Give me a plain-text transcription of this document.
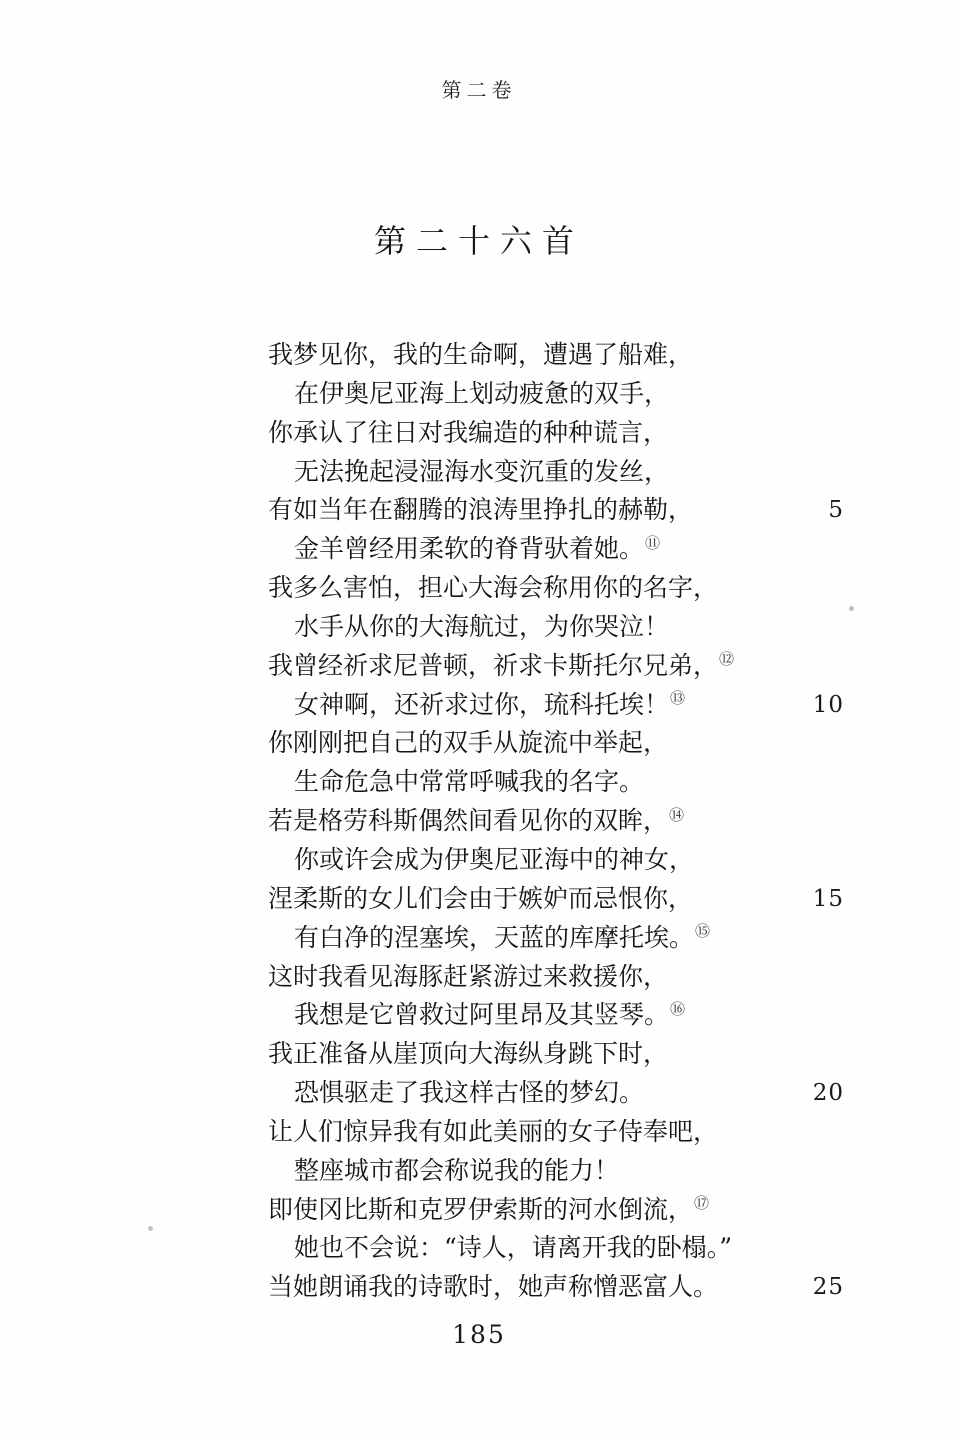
第二卷
第二十六首
我梦见你，我的生命啊，遭遇了船难，
在伊奥尼亚海上划动疲惫的双手，
你承认了往日对我编造的种种谎言，
无法挽起浸湿海水变沉重的发丝，
有如当年在翻腾的浪涛里挣扎的赫勒，	5
金羊曾经用柔软的脊背驮着她。⑪
我多么害怕，担心大海会称用你的名字，
水手从你的大海航过，为你哭泣！
我曾经祈求尼普顿，祈求卡斯托尔兄弟，⑫
女神啊，还祈求过你，琉科托埃！⑬	10
你刚刚把自己的双手从旋流中举起，
生命危急中常常呼喊我的名字。
若是格劳科斯偶然间看见你的双眸，⑭
你或许会成为伊奥尼亚海中的神女，
涅柔斯的女儿们会由于嫉妒而忌恨你，	15
有白净的涅塞埃，天蓝的库摩托埃。⑮
这时我看见海豚赶紧游过来救援你，
我想是它曾救过阿里昂及其竖琴。⑯
我正准备从崖顶向大海纵身跳下时，
恐惧驱走了我这样古怪的梦幻。	20
让人们惊异我有如此美丽的女子侍奉吧，
整座城市都会称说我的能力！
即使冈比斯和克罗伊索斯的河水倒流，⑰
她也不会说：“诗人，请离开我的卧榻。”
当她朗诵我的诗歌时，她声称憎恶富人。	25
185
